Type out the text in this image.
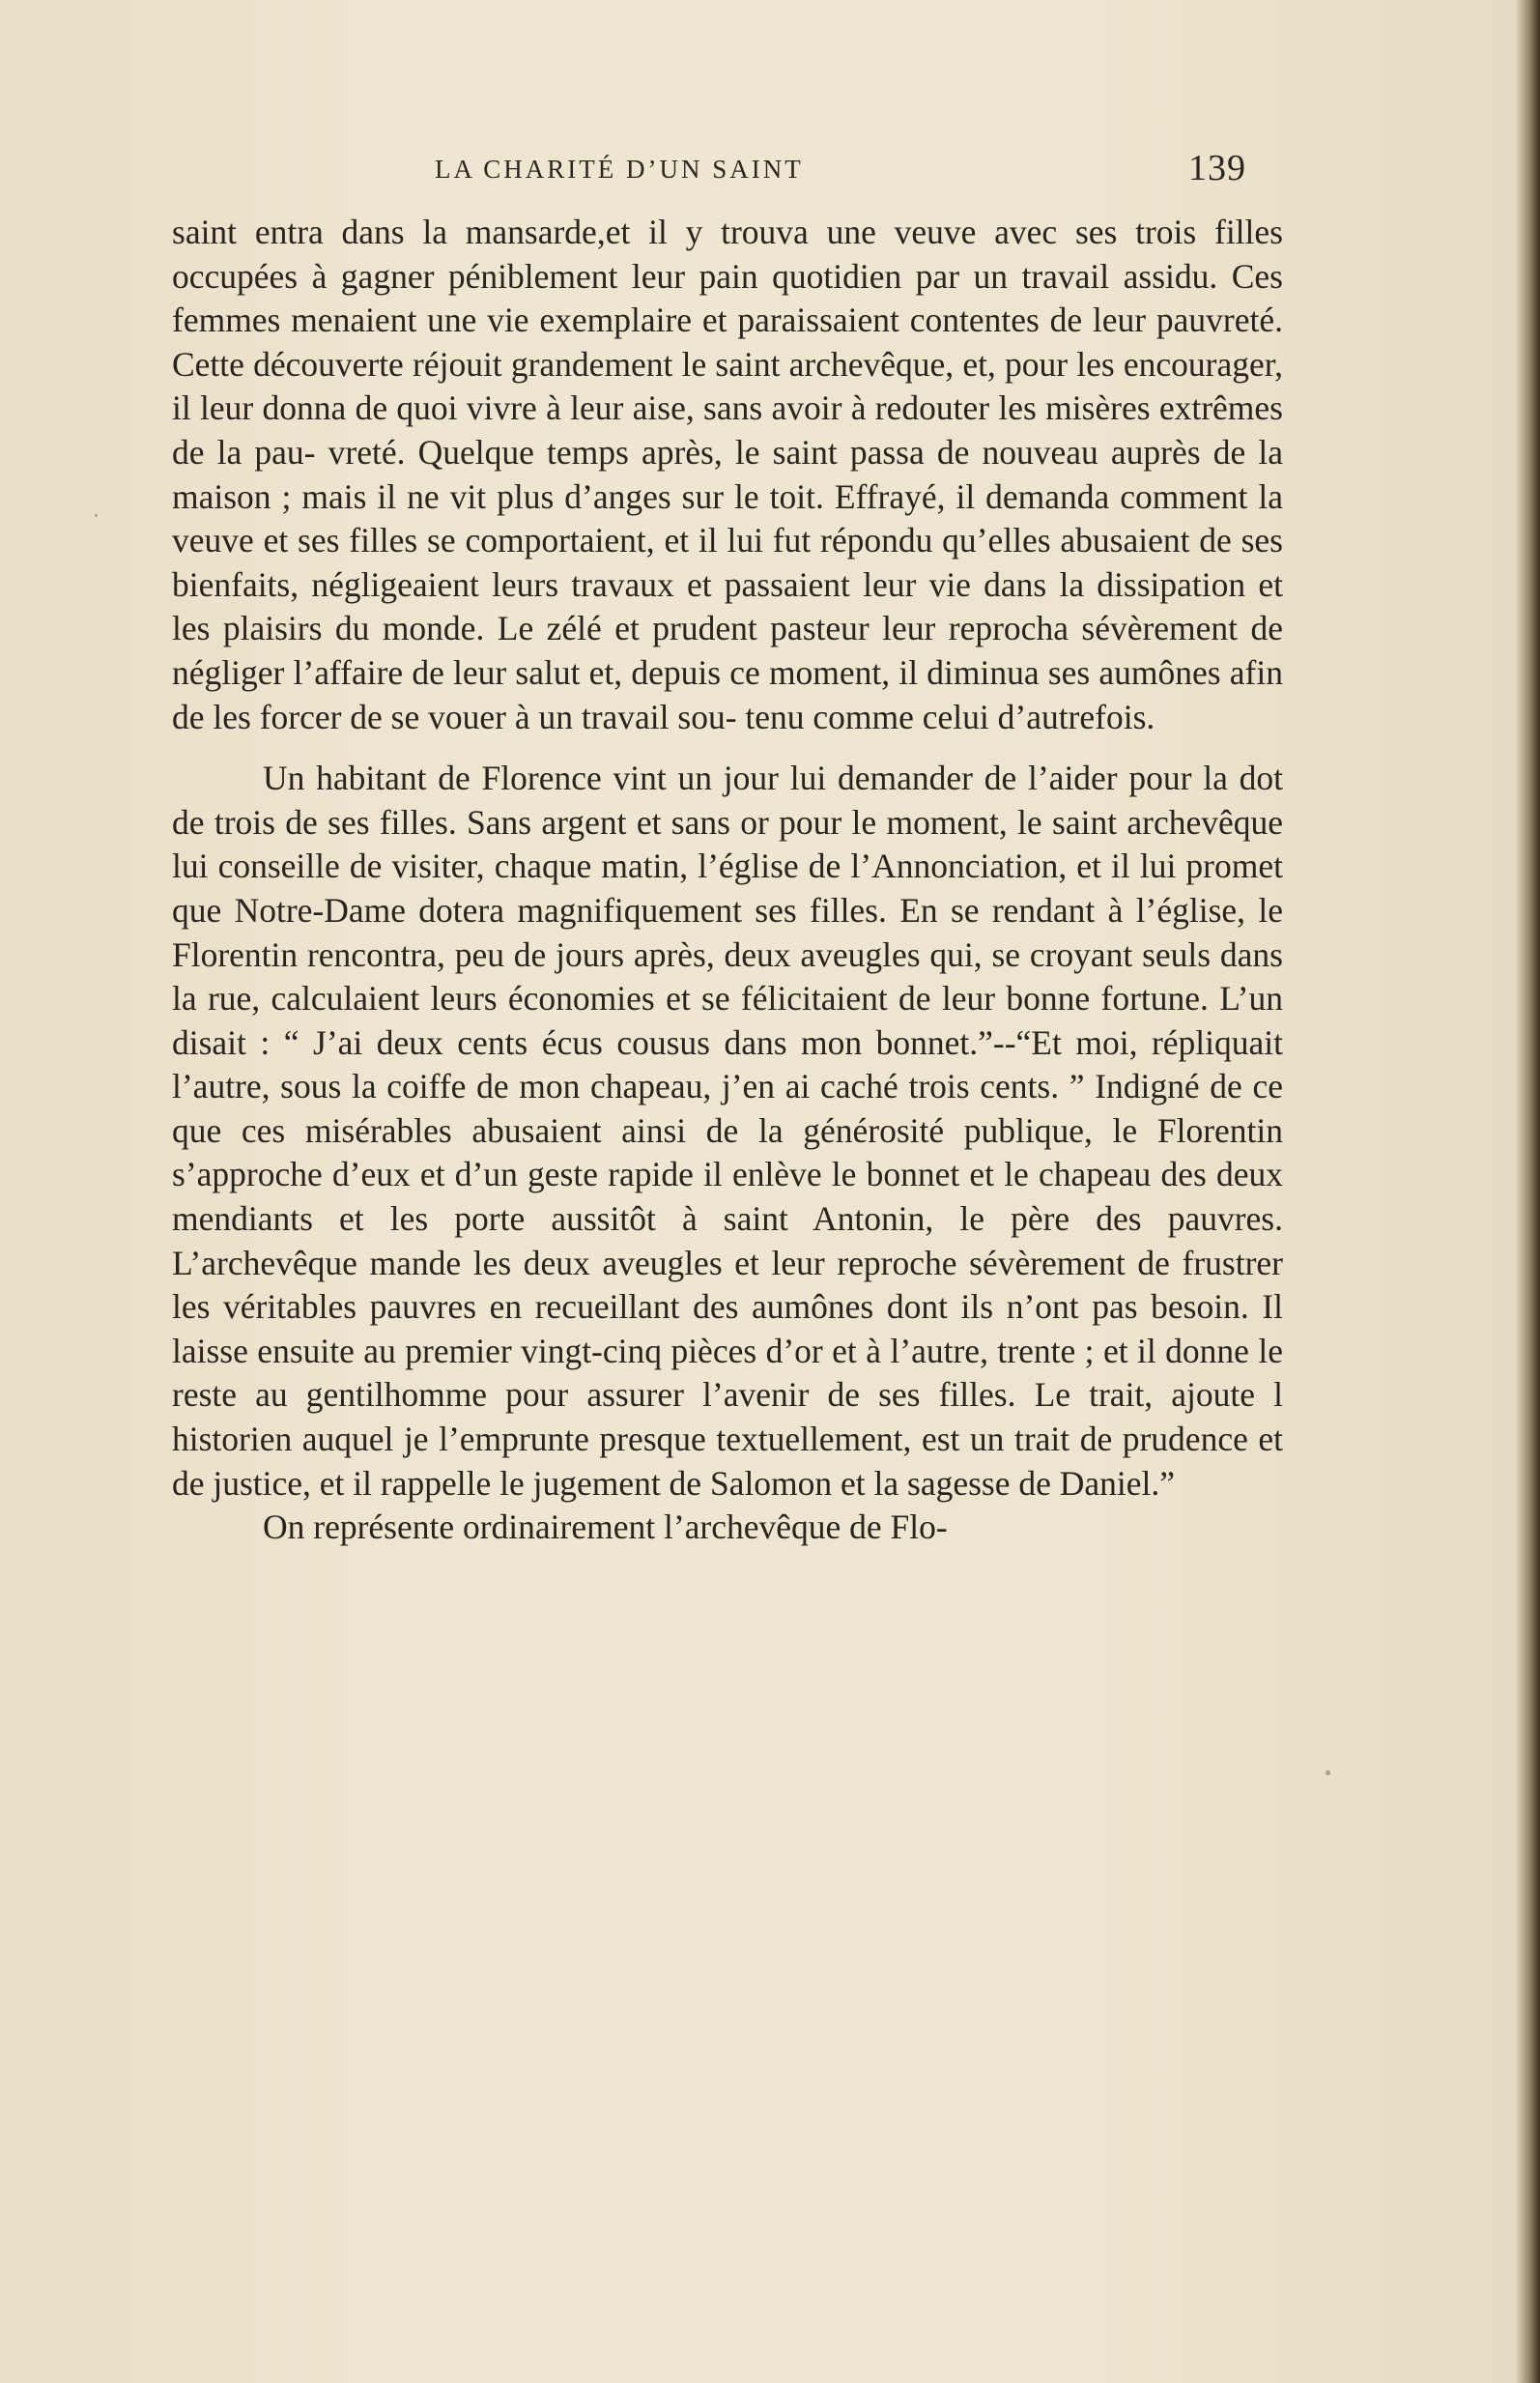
LA CHARITÉ D’UN SAINT	139

saint entra dans la mansarde,et il y trouva une veuve avec ses trois filles occupées à gagner péniblement leur pain quotidien par un travail assidu. Ces femmes menaient une vie exemplaire et paraissaient contentes de leur pauvreté. Cette découverte réjouit grandement le saint archevêque, et, pour les encourager, il leur donna de quoi vivre à leur aise, sans avoir à redouter les misères extrêmes de la pau- vreté. Quelque temps après, le saint passa de nouveau auprès de la maison ; mais il ne vit plus d’anges sur le toit. Effrayé, il demanda comment la veuve et ses filles se comportaient, et il lui fut répondu qu’elles abusaient de ses bienfaits, négligeaient leurs travaux et passaient leur vie dans la dissipation et les plaisirs du monde. Le zélé et prudent pasteur leur reprocha sévèrement de négliger l’affaire de leur salut et, depuis ce moment, il diminua ses aumônes afin de les forcer de se vouer à un travail sou- tenu comme celui d’autrefois.

Un habitant de Florence vint un jour lui demander de l’aider pour la dot de trois de ses filles. Sans argent et sans or pour le moment, le saint archevêque lui conseille de visiter, chaque matin, l’église de l’Annonciation, et il lui promet que Notre-Dame dotera magnifiquement ses filles. En se rendant à l’église, le Florentin rencontra, peu de jours après, deux aveugles qui, se croyant seuls dans la rue, calculaient leurs économies et se félicitaient de leur bonne fortune. L’un disait : “ J’ai deux cents écus cousus dans mon bonnet.”--“Et moi, répliquait l’autre, sous la coiffe de mon chapeau, j’en ai caché trois cents. ” Indigné de ce que ces misérables abusaient ainsi de la générosité publique, le Florentin s’approche d’eux et d’un geste rapide il enlève le bonnet et le chapeau des deux mendiants et les porte aussitôt à saint Antonin, le père des pauvres. L’archevêque mande les deux aveugles et leur reproche sévèrement de frustrer les véritables pauvres en recueillant des aumônes dont ils n’ont pas besoin. Il laisse ensuite au premier vingt-cinq pièces d’or et à l’autre, trente ; et il donne le reste au gentilhomme pour assurer l’avenir de ses filles. Le trait, ajoute l historien auquel je l’emprunte presque textuellement, est un trait de prudence et de justice, et il rappelle le jugement de Salomon et la sagesse de Daniel.”

On représente ordinairement l’archevêque de Flo-
